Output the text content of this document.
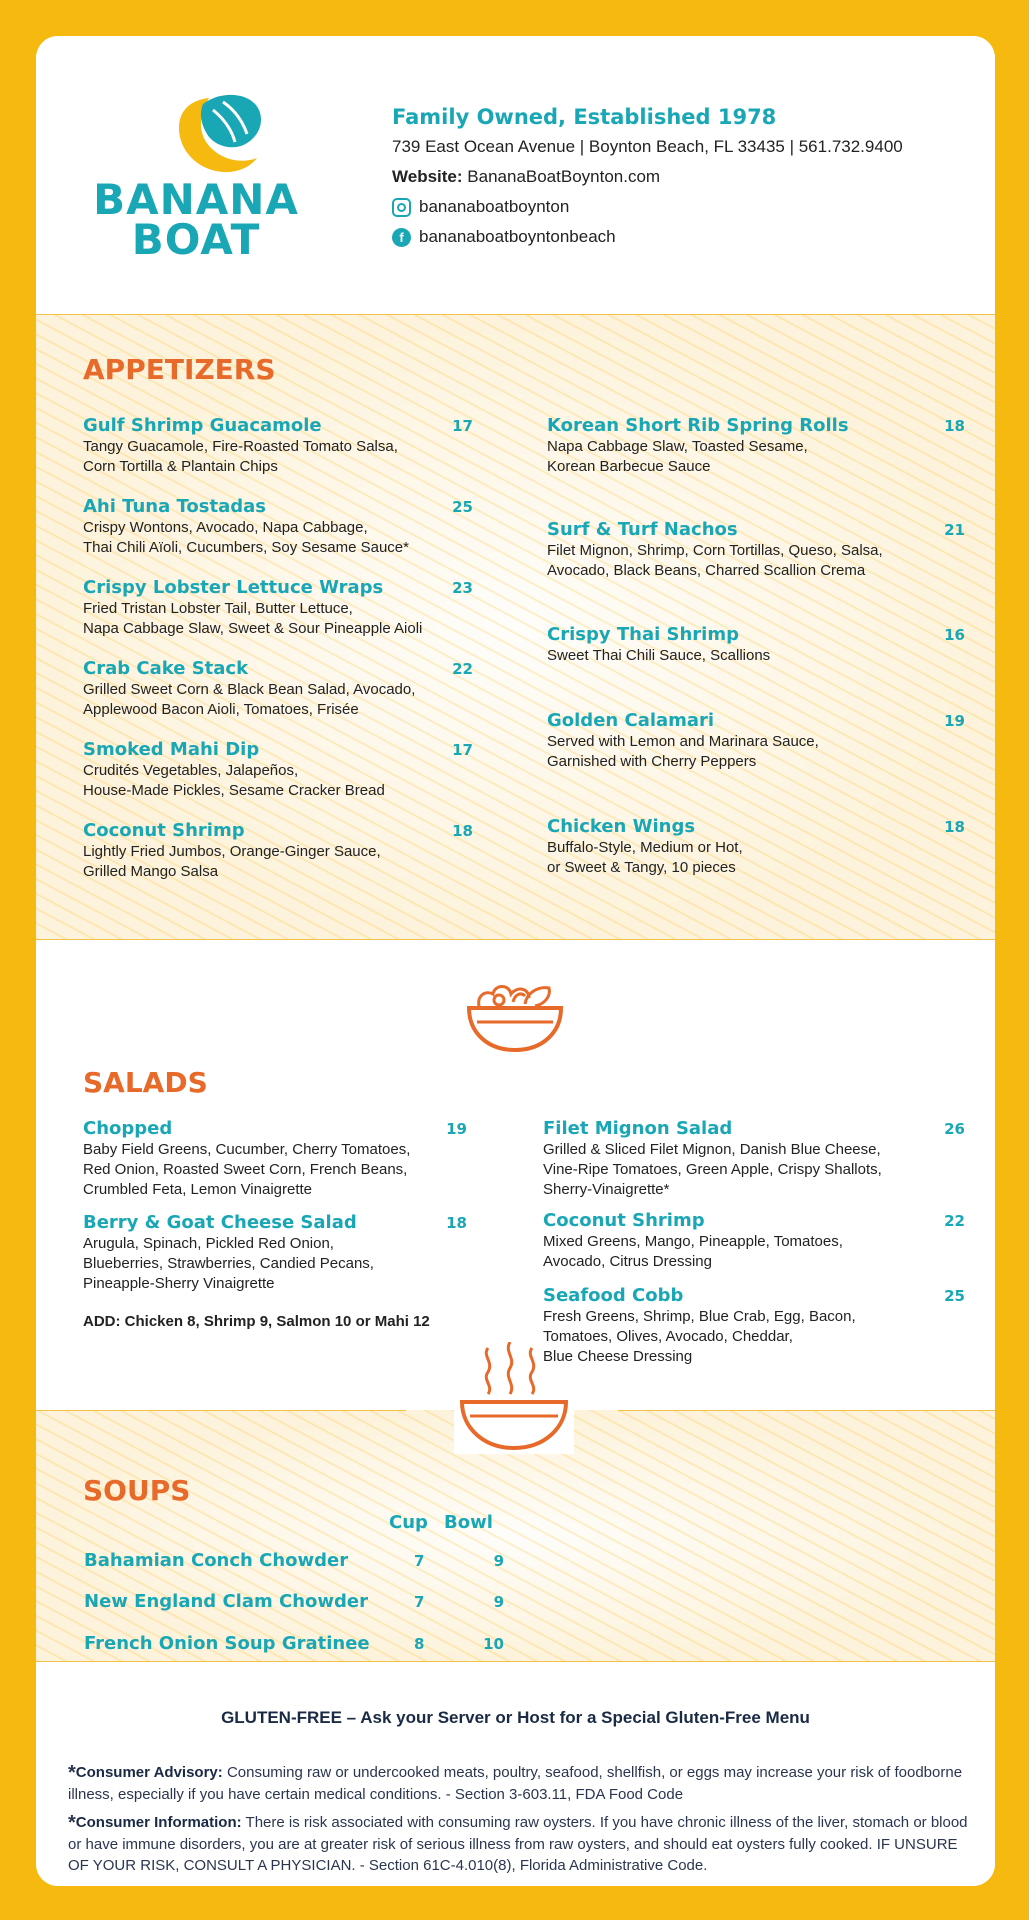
BANANA
BOAT
Family Owned, Established 1978
739 East Ocean Avenue | Boynton Beach, FL 33435 | 561.732.9400
Website: BananaBoatBoynton.com
bananaboatboynton
f bananaboatboyntonbeach
APPETIZERS
Gulf Shrimp Guacamole	17
Tangy Guacamole, Fire-Roasted Tomato Salsa,
Corn Tortilla & Plantain Chips
Ahi Tuna Tostadas	25
Crispy Wontons, Avocado, Napa Cabbage,
Thai Chili Aïoli, Cucumbers, Soy Sesame Sauce*
Crispy Lobster Lettuce Wraps	23
Fried Tristan Lobster Tail, Butter Lettuce,
Napa Cabbage Slaw, Sweet & Sour Pineapple Aioli
Crab Cake Stack	22
Grilled Sweet Corn & Black Bean Salad, Avocado,
Applewood Bacon Aioli, Tomatoes, Frisée
Smoked Mahi Dip	17
Crudités Vegetables, Jalapeños,
House-Made Pickles, Sesame Cracker Bread
Coconut Shrimp	18
Lightly Fried Jumbos, Orange-Ginger Sauce,
Grilled Mango Salsa
Korean Short Rib Spring Rolls	18
Napa Cabbage Slaw, Toasted Sesame,
Korean Barbecue Sauce
Surf & Turf Nachos	21
Filet Mignon, Shrimp, Corn Tortillas, Queso, Salsa,
Avocado, Black Beans, Charred Scallion Crema
Crispy Thai Shrimp	16
Sweet Thai Chili Sauce, Scallions
Golden Calamari	19
Served with Lemon and Marinara Sauce,
Garnished with Cherry Peppers
Chicken Wings	18
Buffalo-Style, Medium or Hot,
or Sweet & Tangy, 10 pieces
SALADS
Chopped	19
Baby Field Greens, Cucumber, Cherry Tomatoes,
Red Onion, Roasted Sweet Corn, French Beans,
Crumbled Feta, Lemon Vinaigrette
Berry & Goat Cheese Salad	18
Arugula, Spinach, Pickled Red Onion,
Blueberries, Strawberries, Candied Pecans,
Pineapple-Sherry Vinaigrette
ADD: Chicken 8, Shrimp 9, Salmon 10 or Mahi 12
Filet Mignon Salad	26
Grilled & Sliced Filet Mignon, Danish Blue Cheese,
Vine-Ripe Tomatoes, Green Apple, Crispy Shallots,
Sherry-Vinaigrette*
Coconut Shrimp	22
Mixed Greens, Mango, Pineapple, Tomatoes,
Avocado, Citrus Dressing
Seafood Cobb	25
Fresh Greens, Shrimp, Blue Crab, Egg, Bacon,
Tomatoes, Olives, Avocado, Cheddar,
Blue Cheese Dressing
SOUPS
Cup Bowl
Bahamian Conch Chowder	7	9
New England Clam Chowder	7	9
French Onion Soup Gratinee	8	10
GLUTEN-FREE – Ask your Server or Host for a Special Gluten-Free Menu
*Consumer Advisory: Consuming raw or undercooked meats, poultry, seafood, shellfish, or eggs may increase your risk of foodborne illness, especially if you have certain medical conditions. - Section 3-603.11, FDA Food Code
*Consumer Information: There is risk associated with consuming raw oysters. If you have chronic illness of the liver, stomach or blood or have immune disorders, you are at greater risk of serious illness from raw oysters, and should eat oysters fully cooked. IF UNSURE OF YOUR RISK, CONSULT A PHYSICIAN. - Section 61C-4.010(8), Florida Administrative Code.
